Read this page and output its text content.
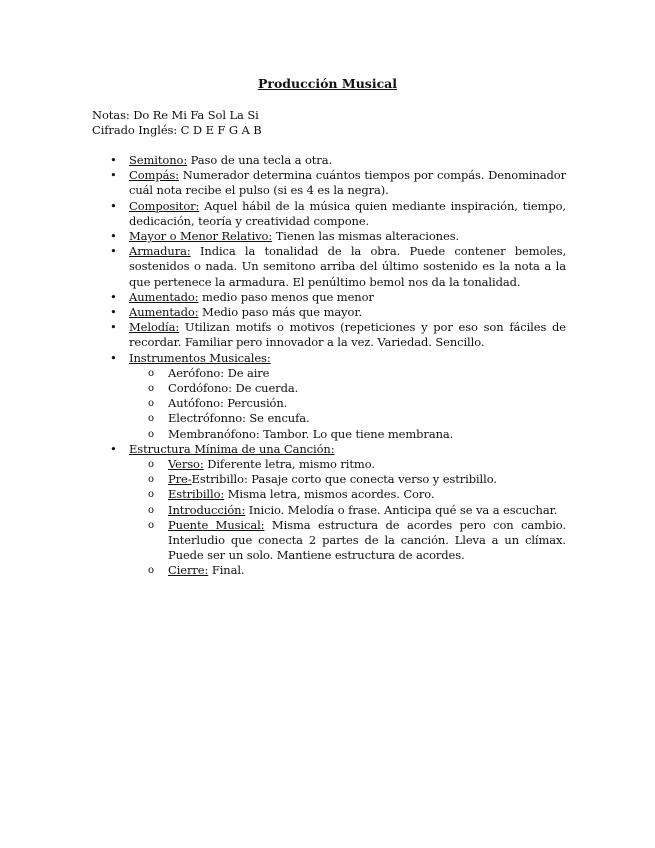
Producción Musical
Notas: Do Re Mi Fa Sol La Si
Cifrado Inglés: C D E F G A B
• Semitono: Paso de una tecla a otra.
• Compás: Numerador determina cuántos tiempos por compás. Denominador cuál nota recibe el pulso (si es 4 es la negra).
• Compositor: Aquel hábil de la música quien mediante inspiración, tiempo, dedicación, teoría y creatividad compone.
• Mayor o Menor Relativo: Tienen las mismas alteraciones.
• Armadura: Indica la tonalidad de la obra. Puede contener bemoles, sostenidos o nada. Un semitono arriba del último sostenido es la nota a la que pertenece la armadura. El penúltimo bemol nos da la tonalidad.
• Aumentado: medio paso menos que menor
• Aumentado: Medio paso más que mayor.
• Melodía: Utilizan motifs o motivos (repeticiones y por eso son fáciles de recordar. Familiar pero innovador a la vez. Variedad. Sencillo.
• Instrumentos Musicales:
o	Aerófono: De aire
o	Cordófono: De cuerda.
o	Autófono: Percusión.
o	Electrófonno: Se encufa.
o	Membranófono: Tambor. Lo que tiene membrana.
• Estructura Mínima de una Canción:
o	Verso: Diferente letra, mismo ritmo.
o	Pre-Estribillo: Pasaje corto que conecta verso y estribillo.
o	Estribillo: Misma letra, mismos acordes. Coro.
o	Introducción: Inicio. Melodía o frase. Anticipa qué se va a escuchar.
o	Puente Musical: Misma estructura de acordes pero con cambio. Interludio que conecta 2 partes de la canción. Lleva a un clímax. Puede ser un solo. Mantiene estructura de acordes.
o	Cierre: Final.
